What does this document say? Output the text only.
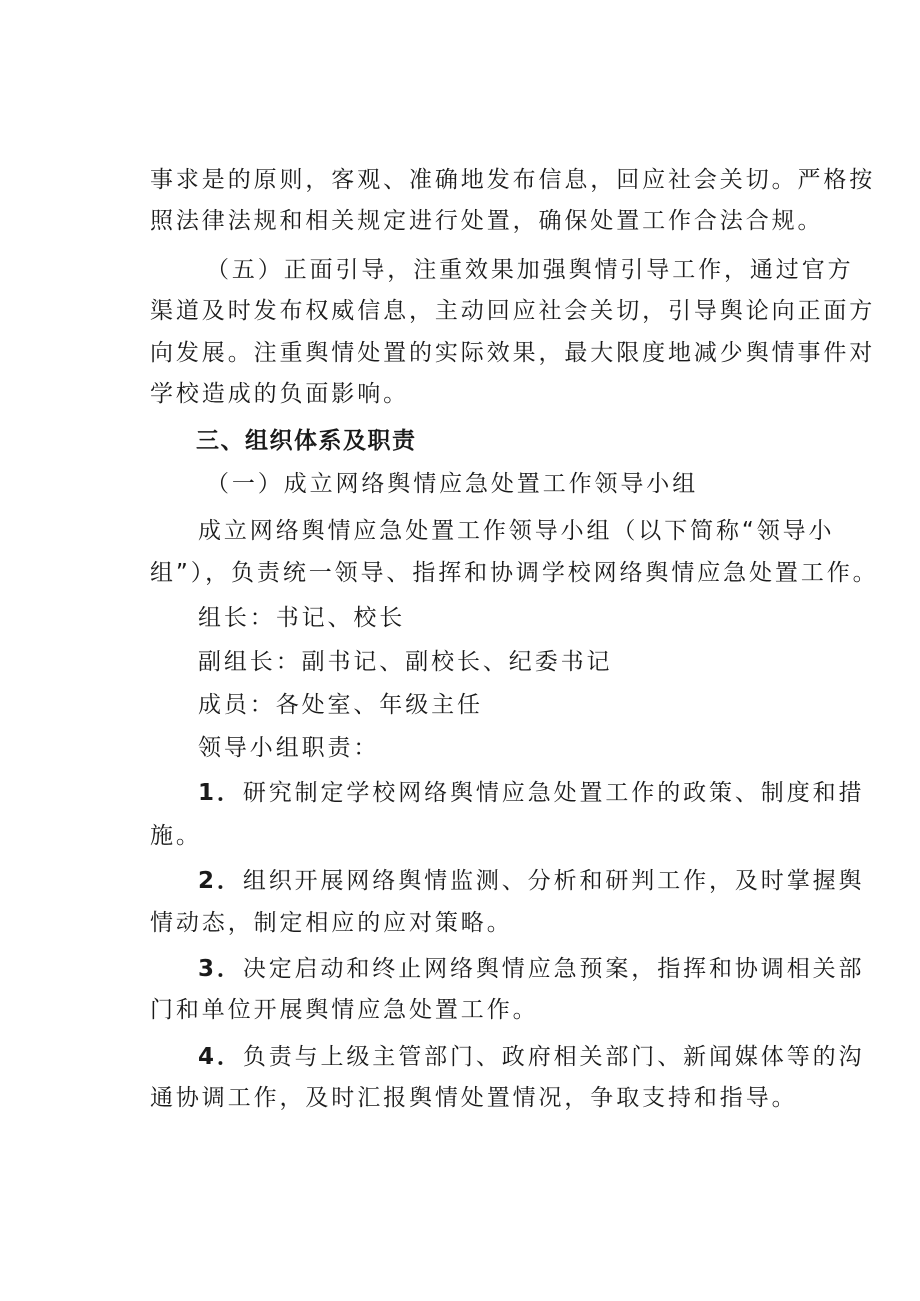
事求是的原则，客观、准确地发布信息，回应社会关切。严格按
照法律法规和相关规定进行处置，确保处置工作合法合规。
（五）正面引导，注重效果加强舆情引导工作，通过官方
渠道及时发布权威信息，主动回应社会关切，引导舆论向正面方
向发展。注重舆情处置的实际效果，最大限度地减少舆情事件对
学校造成的负面影响。
三、组织体系及职责
（一）成立网络舆情应急处置工作领导小组
成立网络舆情应急处置工作领导小组（以下简称“领导小
组”），负责统一领导、指挥和协调学校网络舆情应急处置工作。
组长：书记、校长
副组长：副书记、副校长、纪委书记
成员：各处室、年级主任
领导小组职责：
1．研究制定学校网络舆情应急处置工作的政策、制度和措
施。
2．组织开展网络舆情监测、分析和研判工作，及时掌握舆
情动态，制定相应的应对策略。
3．决定启动和终止网络舆情应急预案，指挥和协调相关部
门和单位开展舆情应急处置工作。
4．负责与上级主管部门、政府相关部门、新闻媒体等的沟
通协调工作，及时汇报舆情处置情况，争取支持和指导。
